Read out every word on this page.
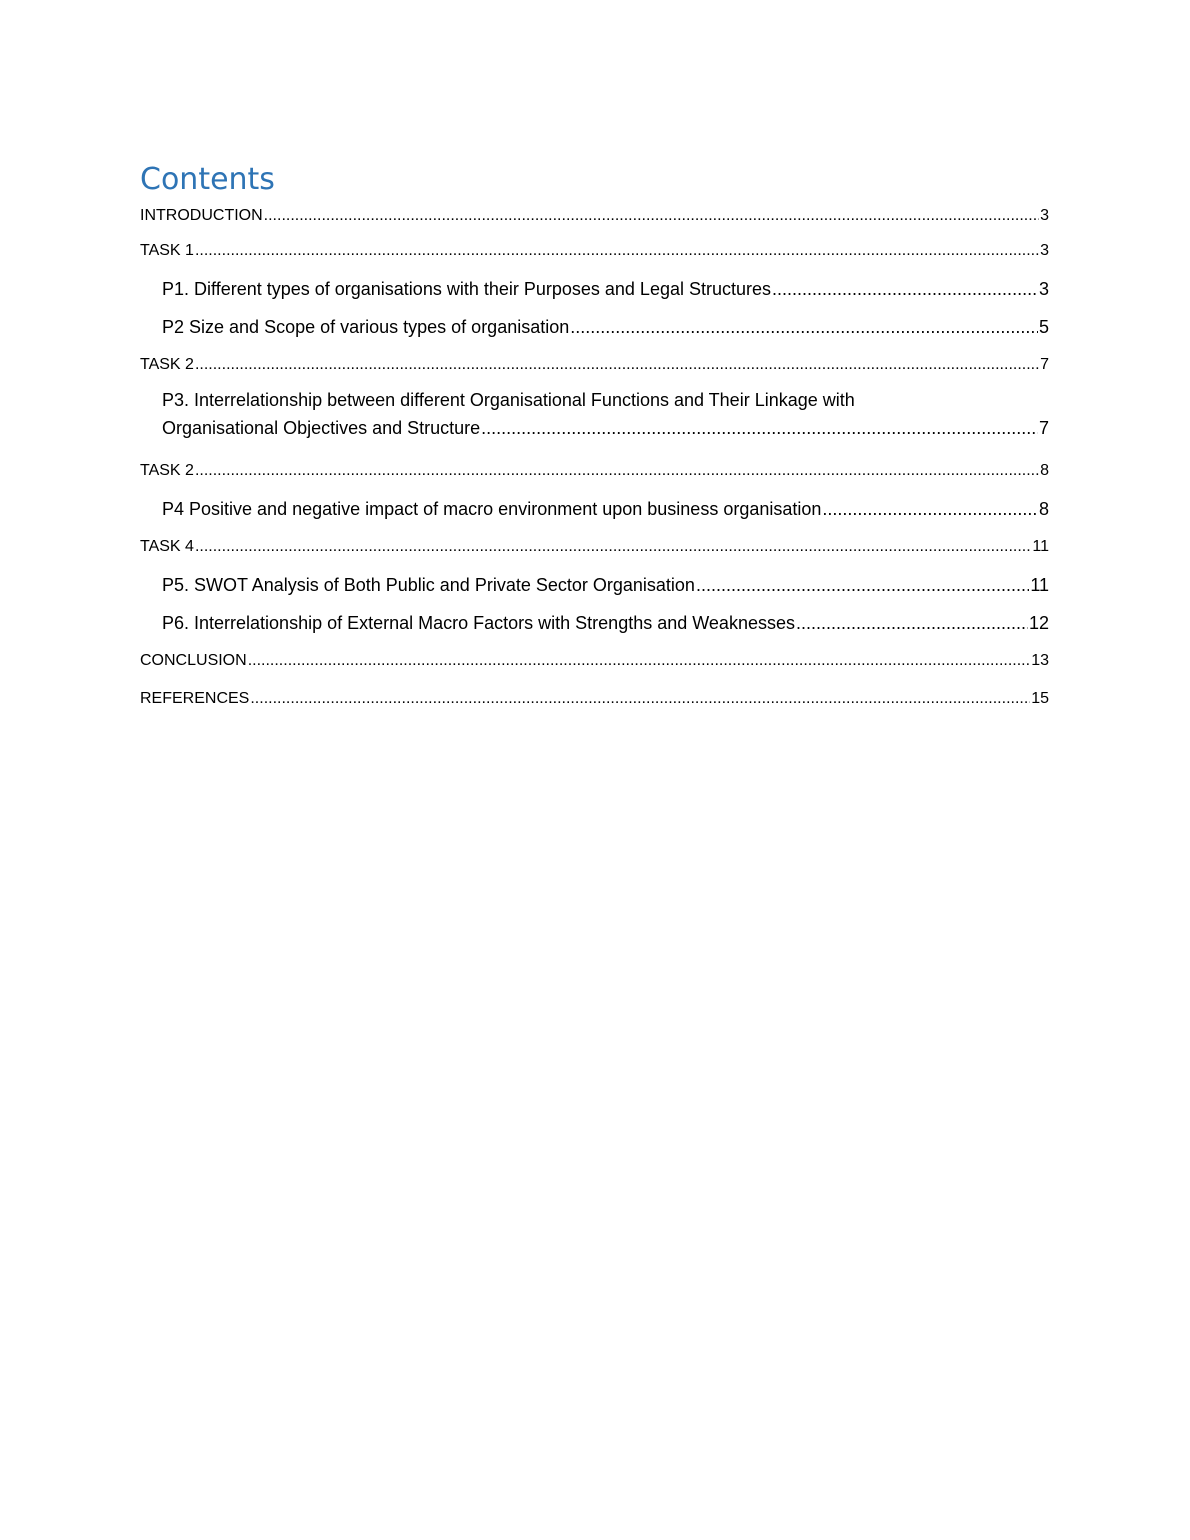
Contents
INTRODUCTION .....	3
TASK 1 .....	3
P1. Different types of organisations with their Purposes and Legal Structures .....	3
P2 Size and Scope of various types of organisation .....	5
TASK 2 .....	7
P3. Interrelationship between different Organisational Functions and Their Linkage with
Organisational Objectives and Structure .....	7
TASK 2 .....	8
P4 Positive and negative impact of macro environment upon business organisation .....	8
TASK 4 .....	11
P5. SWOT Analysis of Both Public and Private Sector Organisation .....	11
P6. Interrelationship of External Macro Factors with Strengths and Weaknesses .....	12
CONCLUSION .....	13
REFERENCES .....	15
